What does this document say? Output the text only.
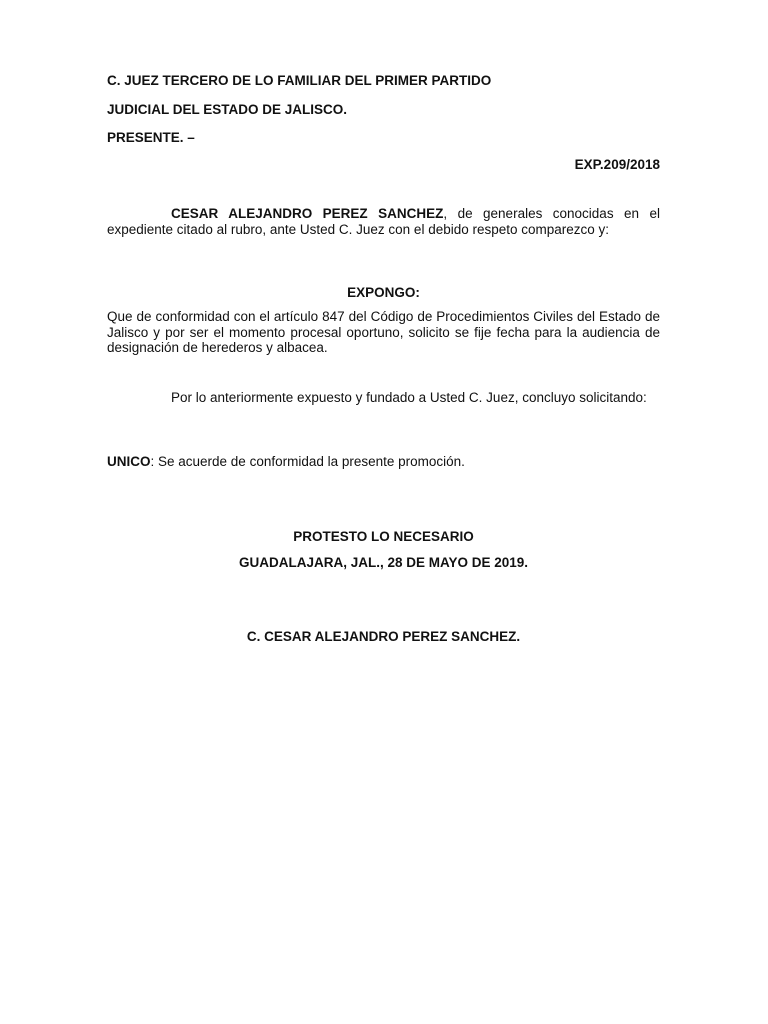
C. JUEZ TERCERO DE LO FAMILIAR DEL PRIMER PARTIDO
JUDICIAL DEL ESTADO DE JALISCO.
PRESENTE. –
EXP.209/2018
CESAR ALEJANDRO PEREZ SANCHEZ, de generales conocidas en el expediente citado al rubro, ante Usted C. Juez con el debido respeto comparezco y:
EXPONGO:
Que de conformidad con el artículo 847 del Código de Procedimientos Civiles del Estado de Jalisco y por ser el momento procesal oportuno, solicito se fije fecha para la audiencia de designación de herederos y albacea.
Por lo anteriormente expuesto y fundado a Usted C. Juez, concluyo solicitando:
UNICO: Se acuerde de conformidad la presente promoción.
PROTESTO LO NECESARIO
GUADALAJARA, JAL., 28 DE MAYO DE 2019.
C. CESAR ALEJANDRO PEREZ SANCHEZ.
